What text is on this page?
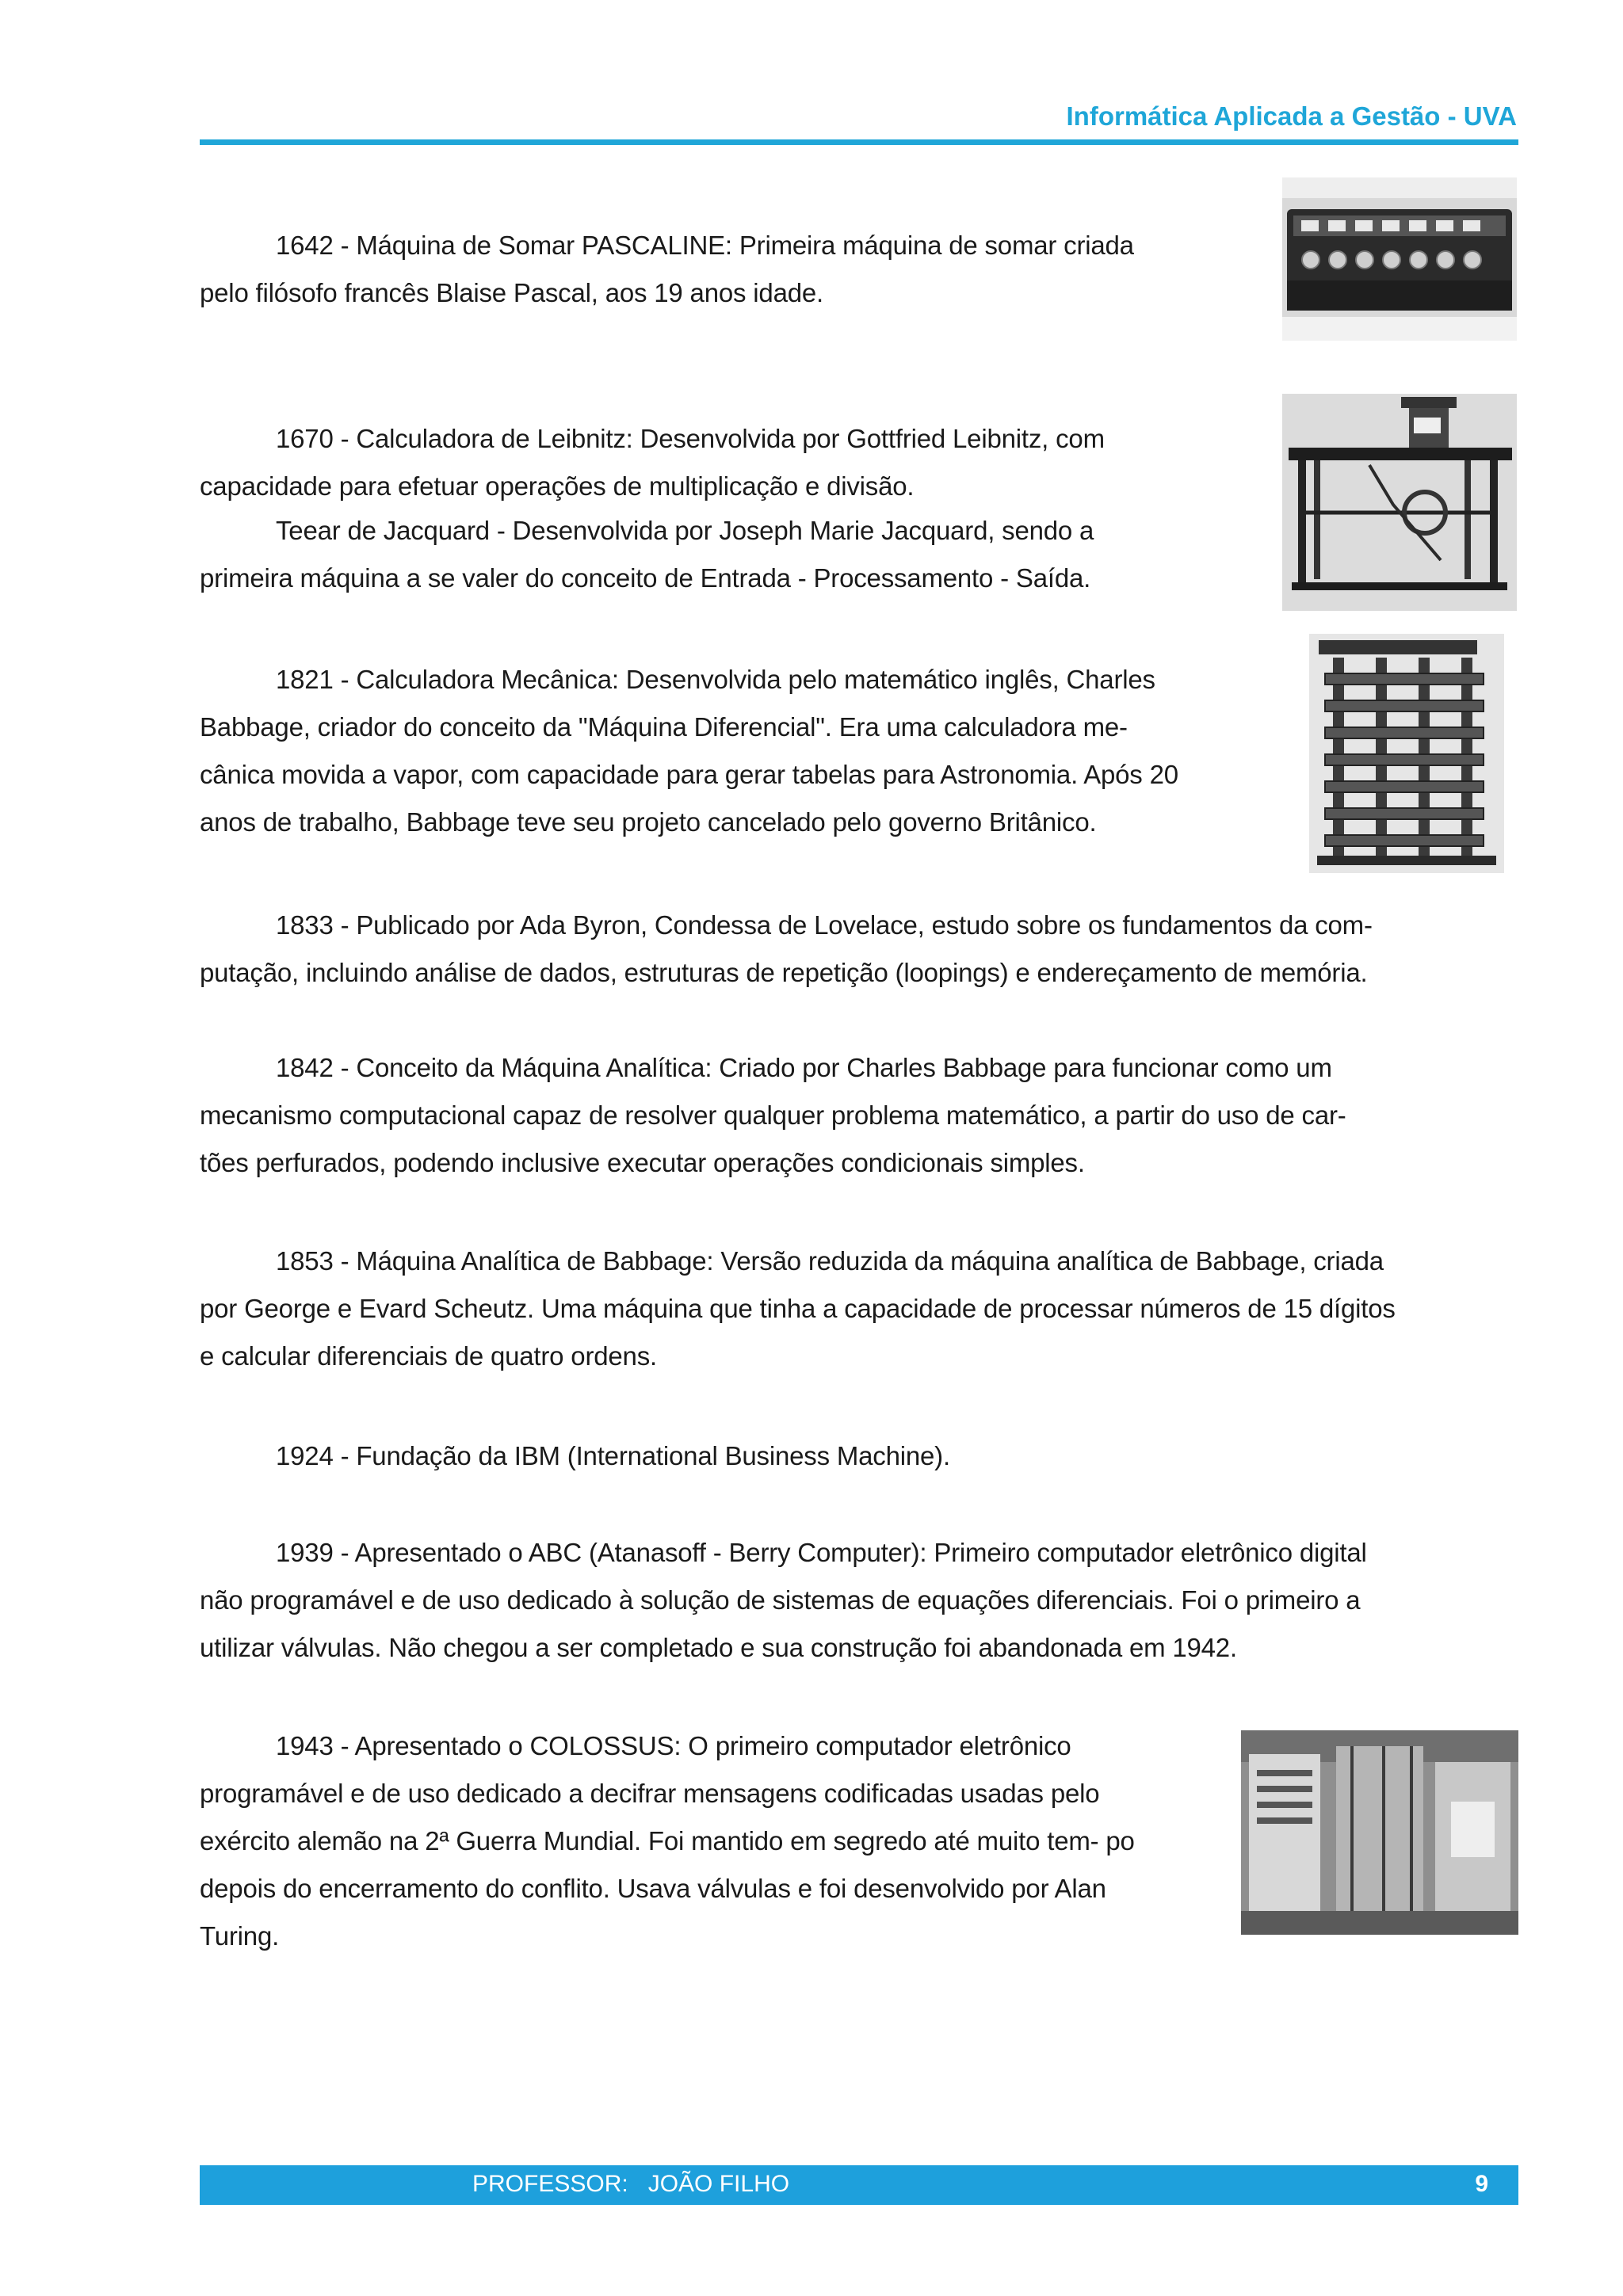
Informática Aplicada a Gestão - UVA

1642 - Máquina de Somar PASCALINE: Primeira máquina de somar criada
pelo filósofo francês Blaise Pascal, aos 19 anos idade.

1670 - Calculadora de Leibnitz: Desenvolvida por Gottfried Leibnitz, com
capacidade para efetuar operações de multiplicação e divisão.

Teear de Jacquard - Desenvolvida por Joseph Marie Jacquard, sendo a
primeira máquina a se valer do conceito de Entrada - Processamento - Saída.

1821 - Calculadora Mecânica: Desenvolvida pelo matemático inglês, Charles
Babbage, criador do conceito da "Máquina Diferencial". Era uma calculadora me-
cânica movida a vapor, com capacidade para gerar tabelas para Astronomia. Após 20
anos de trabalho, Babbage teve seu projeto cancelado pelo governo Britânico.

1833 - Publicado por Ada Byron, Condessa de Lovelace, estudo sobre os fundamentos da com-
putação, incluindo análise de dados, estruturas de repetição (loopings) e endereçamento de memória.

1842 - Conceito da Máquina Analítica: Criado por Charles Babbage para funcionar como um
mecanismo computacional capaz de resolver qualquer problema matemático, a partir do uso de car-
tões perfurados, podendo inclusive executar operações condicionais simples.

1853 - Máquina Analítica de Babbage: Versão reduzida da máquina analítica de Babbage, criada
por George e Evard Scheutz. Uma máquina que tinha a capacidade de processar números de 15 dígitos
e calcular diferenciais de quatro ordens.

1924 - Fundação da IBM (International Business Machine).

1939 - Apresentado o ABC (Atanasoff - Berry Computer): Primeiro computador eletrônico digital
não programável e de uso dedicado à solução de sistemas de equações diferenciais. Foi o primeiro a
utilizar válvulas. Não chegou a ser completado e sua construção foi abandonada em 1942.

1943 - Apresentado o COLOSSUS: O primeiro computador eletrônico
programável e de uso dedicado a decifrar mensagens codificadas usadas pelo
exército alemão na 2ª Guerra Mundial. Foi mantido em segredo até muito tem- po
depois do encerramento do conflito. Usava válvulas e foi desenvolvido por Alan
Turing.

PROFESSOR:   JOÃO FILHO	9
